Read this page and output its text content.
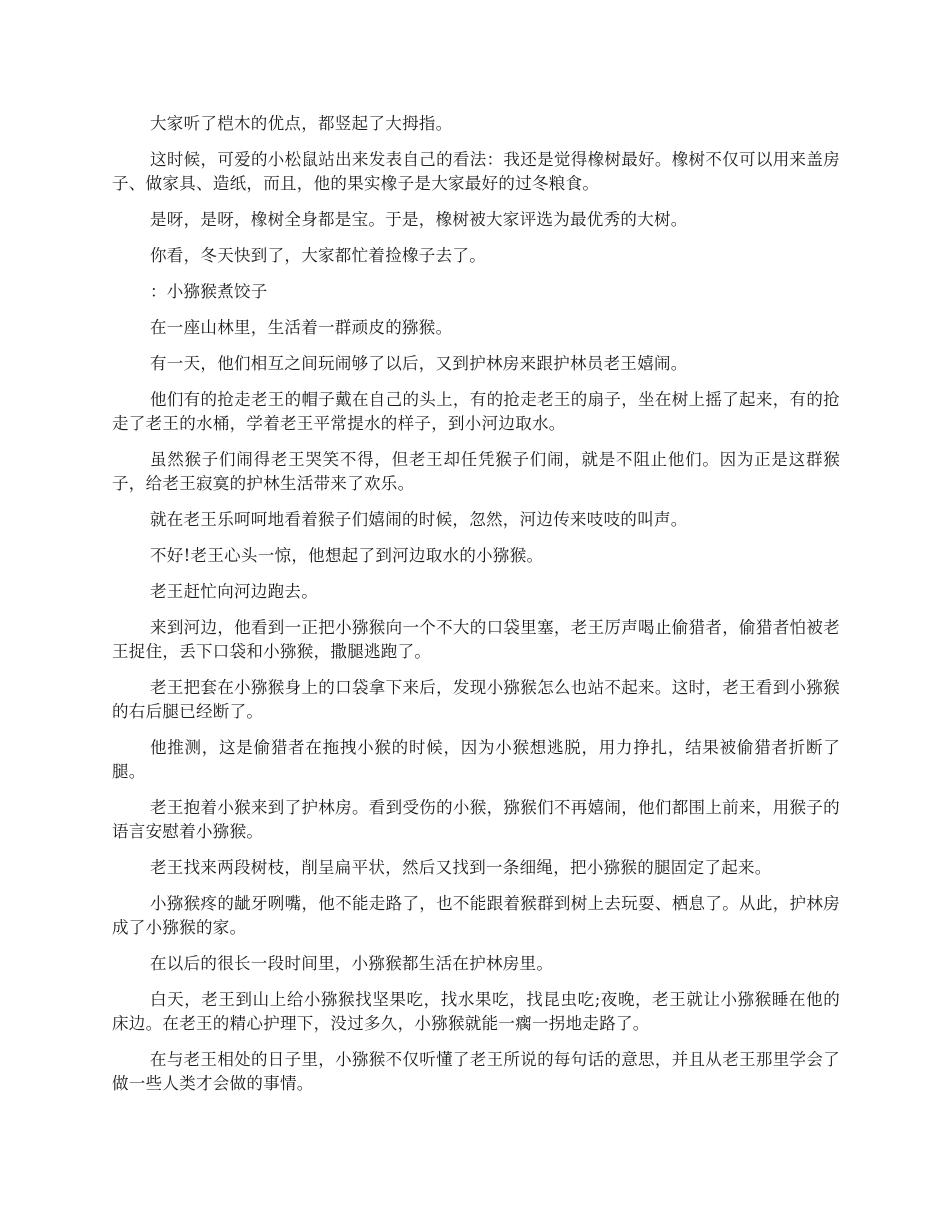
大家听了桤木的优点，都竖起了大拇指。

这时候，可爱的小松鼠站出来发表自己的看法：我还是觉得橡树最好。橡树不仅可以用来盖房子、做家具、造纸，而且，他的果实橡子是大家最好的过冬粮食。

是呀，是呀，橡树全身都是宝。于是，橡树被大家评选为最优秀的大树。

你看，冬天快到了，大家都忙着捡橡子去了。

：小猕猴煮饺子

在一座山林里，生活着一群顽皮的猕猴。

有一天，他们相互之间玩闹够了以后，又到护林房来跟护林员老王嬉闹。

他们有的抢走老王的帽子戴在自己的头上，有的抢走老王的扇子，坐在树上摇了起来，有的抢走了老王的水桶，学着老王平常提水的样子，到小河边取水。

虽然猴子们闹得老王哭笑不得，但老王却任凭猴子们闹，就是不阻止他们。因为正是这群猴子，给老王寂寞的护林生活带来了欢乐。

就在老王乐呵呵地看着猴子们嬉闹的时候，忽然，河边传来吱吱的叫声。

不好!老王心头一惊，他想起了到河边取水的小猕猴。

老王赶忙向河边跑去。

来到河边，他看到一正把小猕猴向一个不大的口袋里塞，老王厉声喝止偷猎者，偷猎者怕被老王捉住，丢下口袋和小猕猴，撒腿逃跑了。

老王把套在小猕猴身上的口袋拿下来后，发现小猕猴怎么也站不起来。这时，老王看到小猕猴的右后腿已经断了。

他推测，这是偷猎者在拖拽小猴的时候，因为小猴想逃脱，用力挣扎，结果被偷猎者折断了腿。

老王抱着小猴来到了护林房。看到受伤的小猴，猕猴们不再嬉闹，他们都围上前来，用猴子的语言安慰着小猕猴。

老王找来两段树枝，削呈扁平状，然后又找到一条细绳，把小猕猴的腿固定了起来。

小猕猴疼的龇牙咧嘴，他不能走路了，也不能跟着猴群到树上去玩耍、栖息了。从此，护林房成了小猕猴的家。

在以后的很长一段时间里，小猕猴都生活在护林房里。

白天，老王到山上给小猕猴找坚果吃，找水果吃，找昆虫吃;夜晚，老王就让小猕猴睡在他的床边。在老王的精心护理下，没过多久，小猕猴就能一瘸一拐地走路了。

在与老王相处的日子里，小猕猴不仅听懂了老王所说的每句话的意思，并且从老王那里学会了做一些人类才会做的事情。
